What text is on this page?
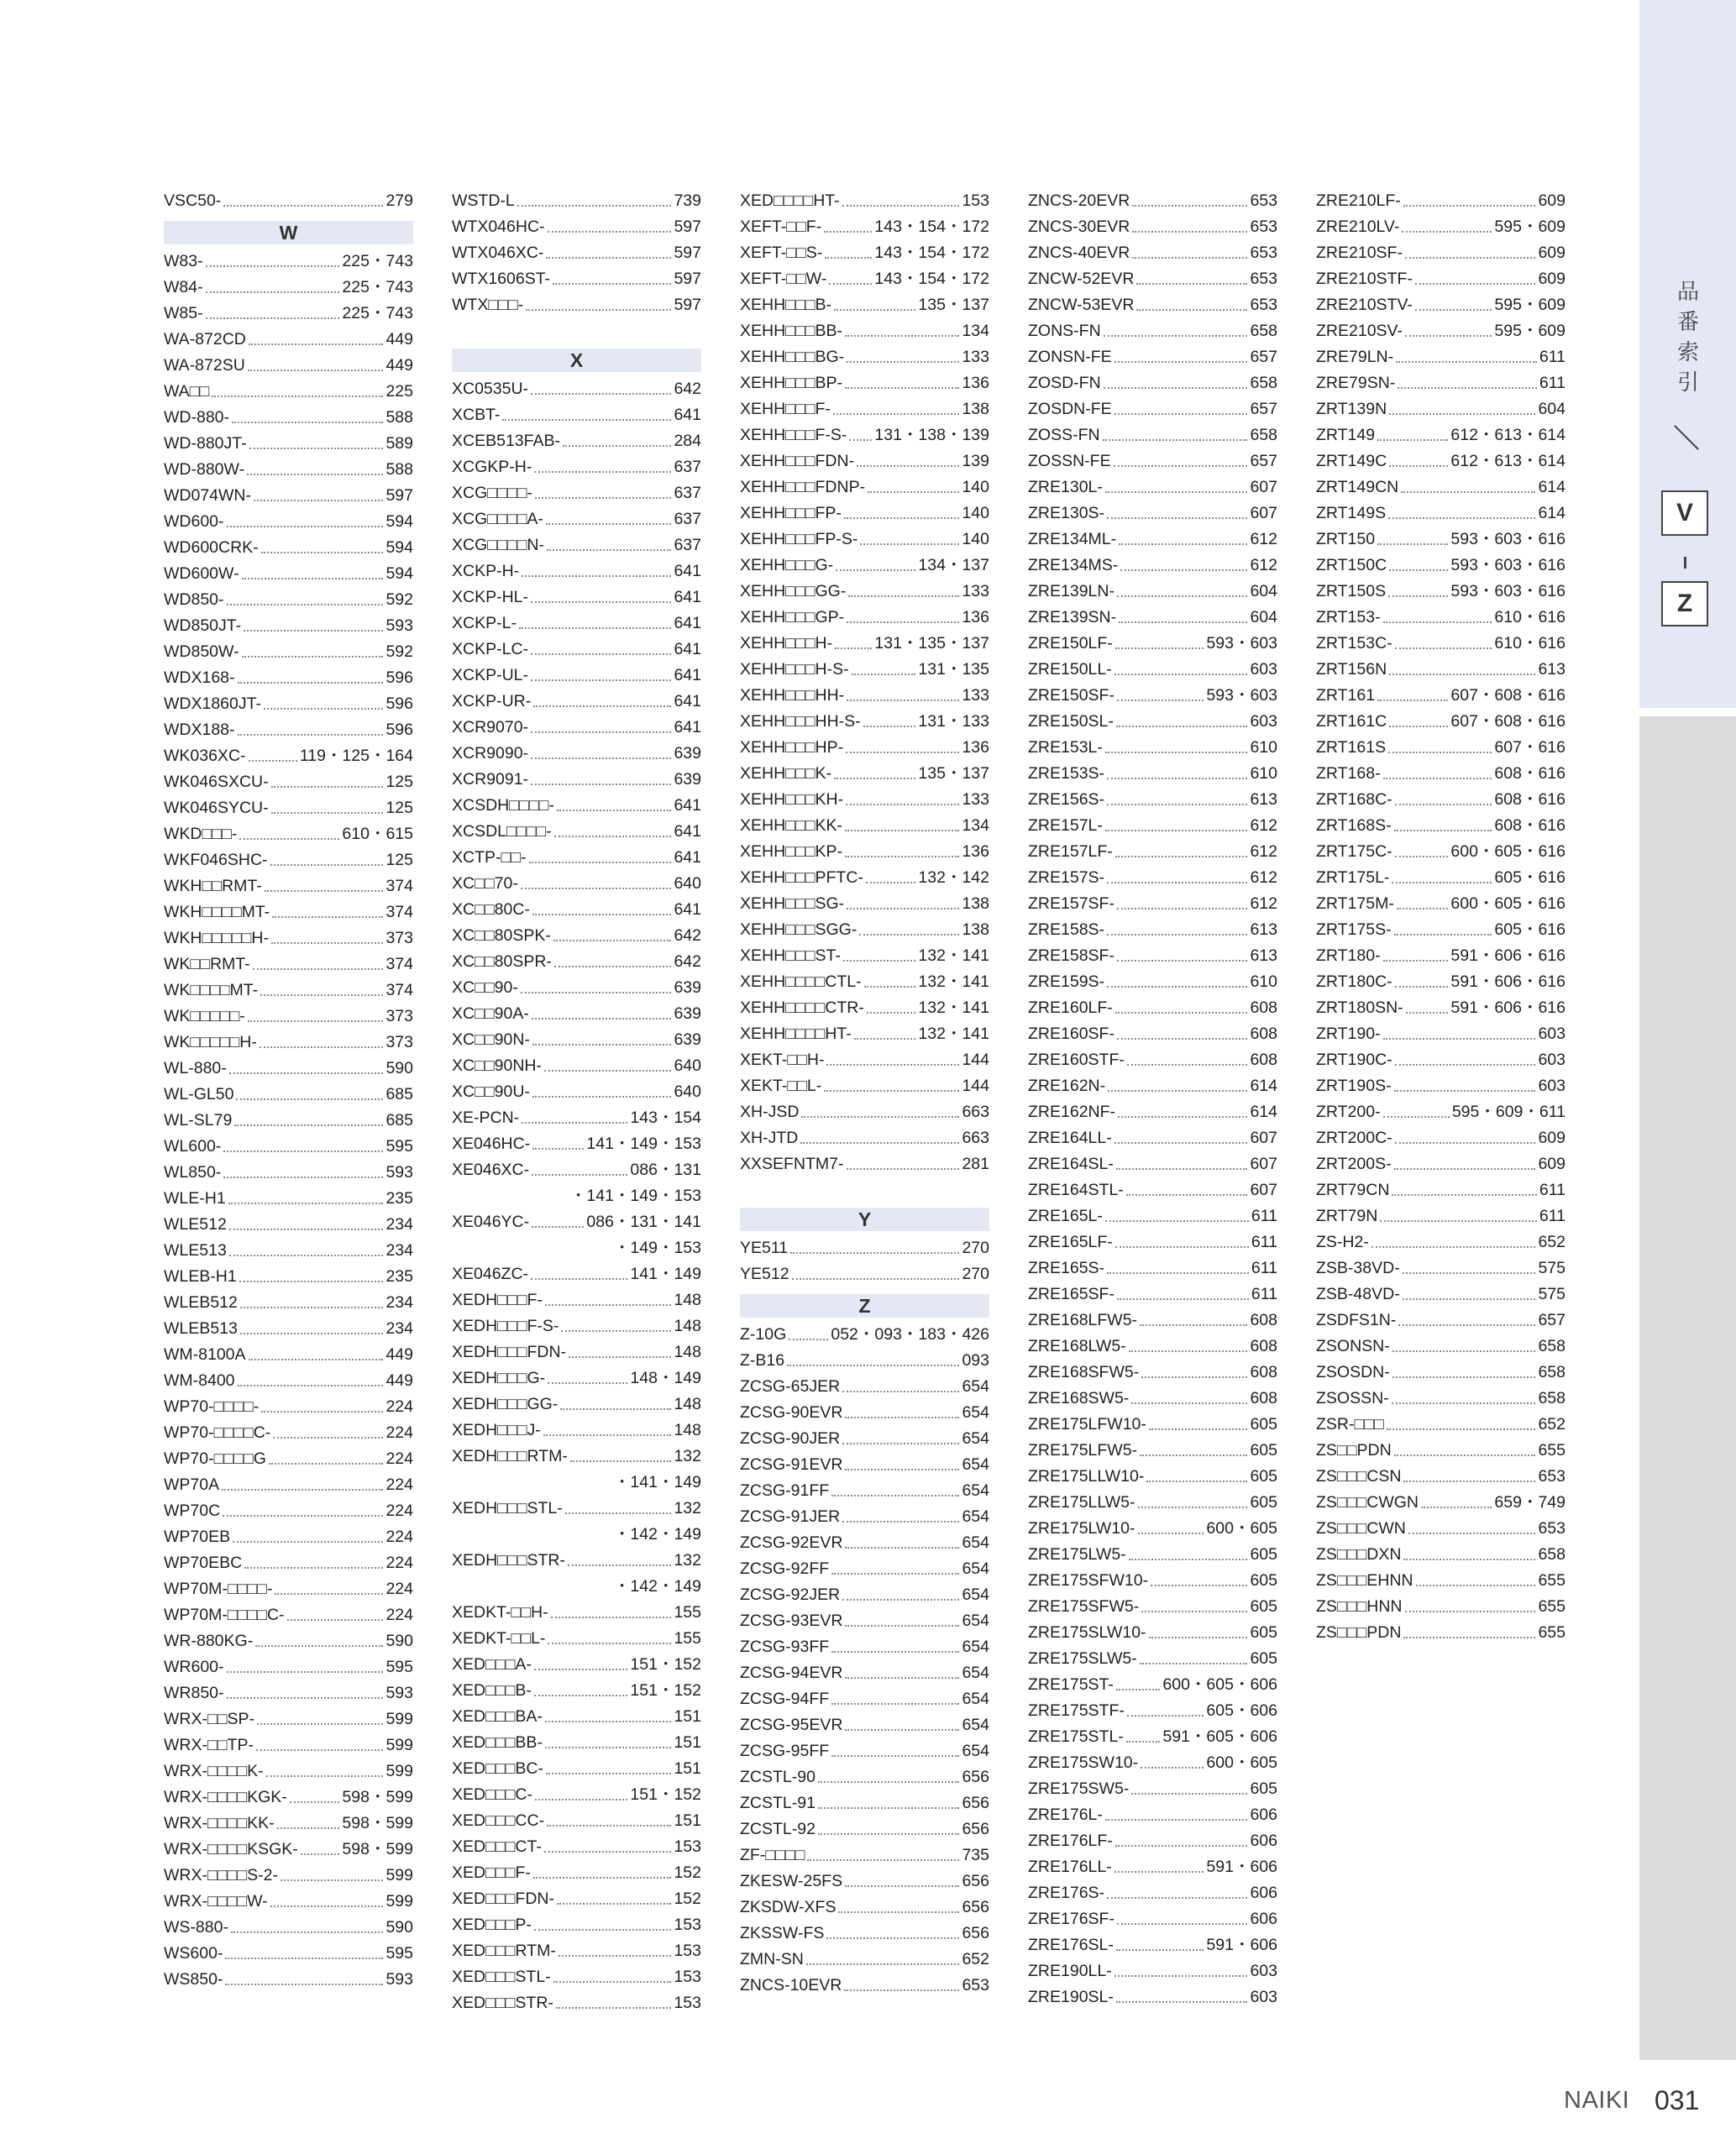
品
番
索
引
V
Z
VSC50-	279
W
W83-	225・743
W84-	225・743
W85-	225・743
WA-872CD	449
WA-872SU	449
WA□□	225
WD-880-	588
WD-880JT-	589
WD-880W-	588
WD074WN-	597
WD600-	594
WD600CRK-	594
WD600W-	594
WD850-	592
WD850JT-	593
WD850W-	592
WDX168-	596
WDX1860JT-	596
WDX188-	596
WK036XC-	119・125・164
WK046SXCU-	125
WK046SYCU-	125
WKD□□□-	610・615
WKF046SHC-	125
WKH□□RMT-	374
WKH□□□□MT-	374
WKH□□□□□H-	373
WK□□RMT-	374
WK□□□□MT-	374
WK□□□□□-	373
WK□□□□□H-	373
WL-880-	590
WL-GL50	685
WL-SL79	685
WL600-	595
WL850-	593
WLE-H1	235
WLE512	234
WLE513	234
WLEB-H1	235
WLEB512	234
WLEB513	234
WM-8100A	449
WM-8400	449
WP70-□□□□-	224
WP70-□□□□C-	224
WP70-□□□□G	224
WP70A	224
WP70C	224
WP70EB	224
WP70EBC	224
WP70M-□□□□-	224
WP70M-□□□□C-	224
WR-880KG-	590
WR600-	595
WR850-	593
WRX-□□SP-	599
WRX-□□TP-	599
WRX-□□□□K-	599
WRX-□□□□KGK-	598・599
WRX-□□□□KK-	598・599
WRX-□□□□KSGK-	598・599
WRX-□□□□S-2-	599
WRX-□□□□W-	599
WS-880-	590
WS600-	595
WS850-	593
WSTD-L	739
WTX046HC-	597
WTX046XC-	597
WTX1606ST-	597
WTX□□□-	597
X
XC0535U-	642
XCBT-	641
XCEB513FAB-	284
XCGKP-H-	637
XCG□□□□-	637
XCG□□□□A-	637
XCG□□□□N-	637
XCKP-H-	641
XCKP-HL-	641
XCKP-L-	641
XCKP-LC-	641
XCKP-UL-	641
XCKP-UR-	641
XCR9070-	641
XCR9090-	639
XCR9091-	639
XCSDH□□□□-	641
XCSDL□□□□-	641
XCTP-□□-	641
XC□□70-	640
XC□□80C-	641
XC□□80SPK-	642
XC□□80SPR-	642
XC□□90-	639
XC□□90A-	639
XC□□90N-	639
XC□□90NH-	640
XC□□90U-	640
XE-PCN-	143・154
XE046HC-	141・149・153
XE046XC-	086・131
・141・149・153
XE046YC-	086・131・141
・149・153
XE046ZC-	141・149
XEDH□□□F-	148
XEDH□□□F-S-	148
XEDH□□□FDN-	148
XEDH□□□G-	148・149
XEDH□□□GG-	148
XEDH□□□J-	148
XEDH□□□RTM-	132
・141・149
XEDH□□□STL-	132
・142・149
XEDH□□□STR-	132
・142・149
XEDKT-□□H-	155
XEDKT-□□L-	155
XED□□□A-	151・152
XED□□□B-	151・152
XED□□□BA-	151
XED□□□BB-	151
XED□□□BC-	151
XED□□□C-	151・152
XED□□□CC-	151
XED□□□CT-	153
XED□□□F-	152
XED□□□FDN-	152
XED□□□P-	153
XED□□□RTM-	153
XED□□□STL-	153
XED□□□STR-	153
XED□□□□HT-	153
XEFT-□□F-	143・154・172
XEFT-□□S-	143・154・172
XEFT-□□W-	143・154・172
XEHH□□□B-	135・137
XEHH□□□BB-	134
XEHH□□□BG-	133
XEHH□□□BP-	136
XEHH□□□F-	138
XEHH□□□F-S- 131・138・139
XEHH□□□FDN-	139
XEHH□□□FDNP-	140
XEHH□□□FP-	140
XEHH□□□FP-S-	140
XEHH□□□G-	134・137
XEHH□□□GG-	133
XEHH□□□GP-	136
XEHH□□□H-	131・135・137
XEHH□□□H-S-	131・135
XEHH□□□HH-	133
XEHH□□□HH-S-	131・133
XEHH□□□HP-	136
XEHH□□□K-	135・137
XEHH□□□KH-	133
XEHH□□□KK-	134
XEHH□□□KP-	136
XEHH□□□PFTC-	132・142
XEHH□□□SG-	138
XEHH□□□SGG-	138
XEHH□□□ST-	132・141
XEHH□□□□CTL-	132・141
XEHH□□□□CTR-	132・141
XEHH□□□□HT-	132・141
XEKT-□□H-	144
XEKT-□□L-	144
XH-JSD	663
XH-JTD	663
XXSEFNTM7-	281
Y
YE511	270
YE512	270
Z
Z-10G	052・093・183・426
Z-B16	093
ZCSG-65JER	654
ZCSG-90EVR	654
ZCSG-90JER	654
ZCSG-91EVR	654
ZCSG-91FF	654
ZCSG-91JER	654
ZCSG-92EVR	654
ZCSG-92FF	654
ZCSG-92JER	654
ZCSG-93EVR	654
ZCSG-93FF	654
ZCSG-94EVR	654
ZCSG-94FF	654
ZCSG-95EVR	654
ZCSG-95FF	654
ZCSTL-90	656
ZCSTL-91	656
ZCSTL-92	656
ZF-□□□□	735
ZKESW-25FS	656
ZKSDW-XFS	656
ZKSSW-FS	656
ZMN-SN	652
ZNCS-10EVR	653
ZNCS-20EVR	653
ZNCS-30EVR	653
ZNCS-40EVR	653
ZNCW-52EVR	653
ZNCW-53EVR	653
ZONS-FN	658
ZONSN-FE	657
ZOSD-FN	658
ZOSDN-FE	657
ZOSS-FN	658
ZOSSN-FE	657
ZRE130L-	607
ZRE130S-	607
ZRE134ML-	612
ZRE134MS-	612
ZRE139LN-	604
ZRE139SN-	604
ZRE150LF-	593・603
ZRE150LL-	603
ZRE150SF-	593・603
ZRE150SL-	603
ZRE153L-	610
ZRE153S-	610
ZRE156S-	613
ZRE157L-	612
ZRE157LF-	612
ZRE157S-	612
ZRE157SF-	612
ZRE158S-	613
ZRE158SF-	613
ZRE159S-	610
ZRE160LF-	608
ZRE160SF-	608
ZRE160STF-	608
ZRE162N-	614
ZRE162NF-	614
ZRE164LL-	607
ZRE164SL-	607
ZRE164STL-	607
ZRE165L-	611
ZRE165LF-	611
ZRE165S-	611
ZRE165SF-	611
ZRE168LFW5-	608
ZRE168LW5-	608
ZRE168SFW5-	608
ZRE168SW5-	608
ZRE175LFW10-	605
ZRE175LFW5-	605
ZRE175LLW10-	605
ZRE175LLW5-	605
ZRE175LW10-	600・605
ZRE175LW5-	605
ZRE175SFW10-	605
ZRE175SFW5-	605
ZRE175SLW10-	605
ZRE175SLW5-	605
ZRE175ST-	600・605・606
ZRE175STF-	605・606
ZRE175STL- 591・605・606
ZRE175SW10-	600・605
ZRE175SW5-	605
ZRE176L-	606
ZRE176LF-	606
ZRE176LL-	591・606
ZRE176S-	606
ZRE176SF-	606
ZRE176SL-	591・606
ZRE190LL-	603
ZRE190SL-	603
ZRE210LF-	609
ZRE210LV-	595・609
ZRE210SF-	609
ZRE210STF-	609
ZRE210STV-	595・609
ZRE210SV-	595・609
ZRE79LN-	611
ZRE79SN-	611
ZRT139N	604
ZRT149	612・613・614
ZRT149C	612・613・614
ZRT149CN	614
ZRT149S	614
ZRT150	593・603・616
ZRT150C	593・603・616
ZRT150S	593・603・616
ZRT153-	610・616
ZRT153C-	610・616
ZRT156N	613
ZRT161	607・608・616
ZRT161C	607・608・616
ZRT161S	607・616
ZRT168-	608・616
ZRT168C-	608・616
ZRT168S-	608・616
ZRT175C-	600・605・616
ZRT175L-	605・616
ZRT175M-	600・605・616
ZRT175S-	605・616
ZRT180-	591・606・616
ZRT180C-	591・606・616
ZRT180SN-	591・606・616
ZRT190-	603
ZRT190C-	603
ZRT190S-	603
ZRT200-	595・609・611
ZRT200C-	609
ZRT200S-	609
ZRT79CN	611
ZRT79N	611
ZS-H2-	652
ZSB-38VD-	575
ZSB-48VD-	575
ZSDFS1N-	657
ZSONSN-	658
ZSOSDN-	658
ZSOSSN-	658
ZSR-□□□	652
ZS□□PDN	655
ZS□□□CSN	653
ZS□□□CWGN	659・749
ZS□□□CWN	653
ZS□□□DXN	658
ZS□□□EHNN	655
ZS□□□HNN	655
ZS□□□PDN	655
NAIKI 031
